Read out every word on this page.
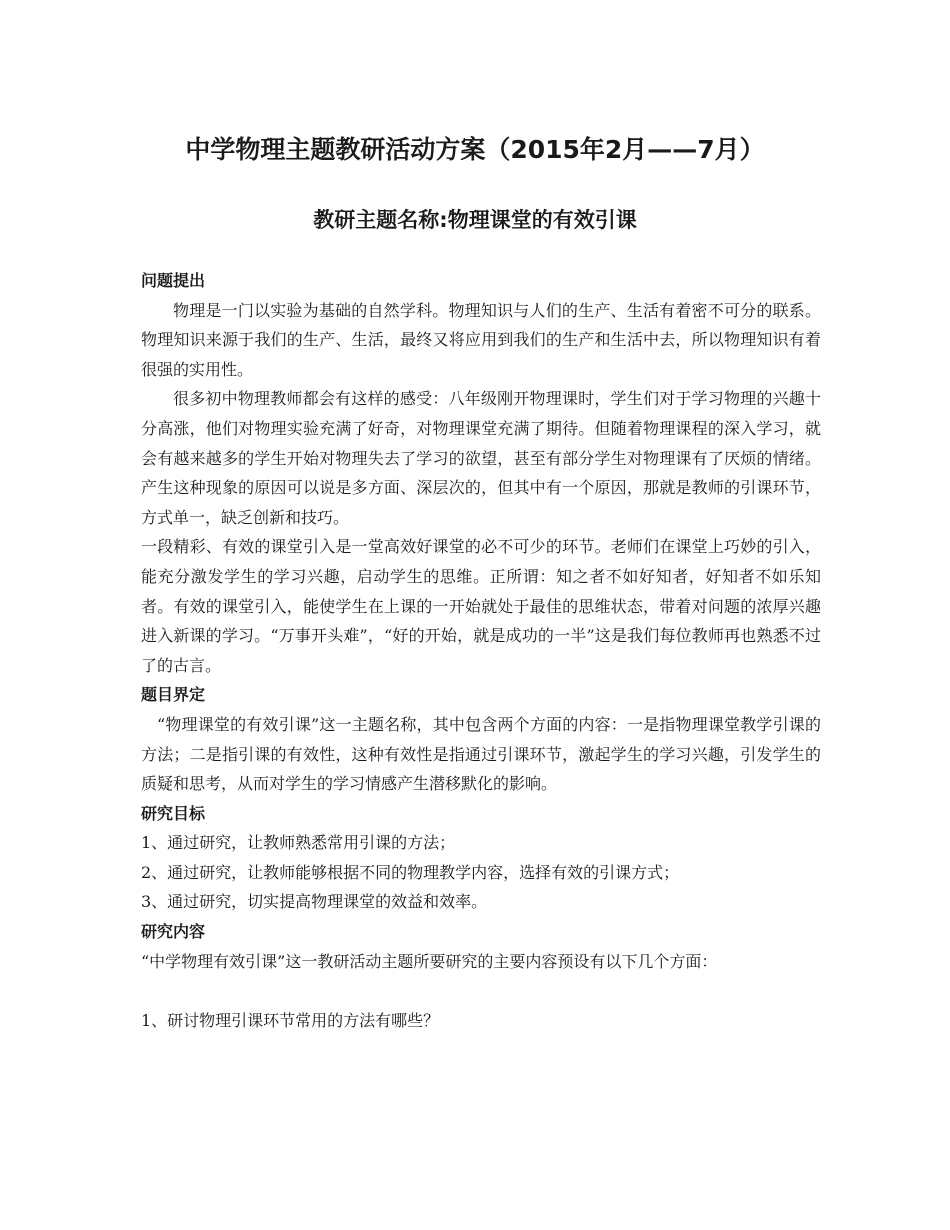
中学物理主题教研活动方案（2015年2月——7月）
教研主题名称:物理课堂的有效引课
问题提出

物理是一门以实验为基础的自然学科。物理知识与人们的生产、生活有着密不可分的联系。物理知识来源于我们的生产、生活，最终又将应用到我们的生产和生活中去，所以物理知识有着很强的实用性。

很多初中物理教师都会有这样的感受：八年级刚开物理课时，学生们对于学习物理的兴趣十分高涨，他们对物理实验充满了好奇，对物理课堂充满了期待。但随着物理课程的深入学习，就会有越来越多的学生开始对物理失去了学习的欲望，甚至有部分学生对物理课有了厌烦的情绪。产生这种现象的原因可以说是多方面、深层次的，但其中有一个原因，那就是教师的引课环节，方式单一，缺乏创新和技巧。

一段精彩、有效的课堂引入是一堂高效好课堂的必不可少的环节。老师们在课堂上巧妙的引入，能充分激发学生的学习兴趣，启动学生的思维。正所谓：知之者不如好知者，好知者不如乐知者。有效的课堂引入，能使学生在上课的一开始就处于最佳的思维状态，带着对问题的浓厚兴趣进入新课的学习。“万事开头难”，“好的开始，就是成功的一半”这是我们每位教师再也熟悉不过了的古言。

题目界定

“物理课堂的有效引课”这一主题名称，其中包含两个方面的内容：一是指物理课堂教学引课的方法；二是指引课的有效性，这种有效性是指通过引课环节，激起学生的学习兴趣，引发学生的质疑和思考，从而对学生的学习情感产生潜移默化的影响。

研究目标

1、通过研究，让教师熟悉常用引课的方法；

2、通过研究，让教师能够根据不同的物理教学内容，选择有效的引课方式；

3、通过研究，切实提高物理课堂的效益和效率。

研究内容

“中学物理有效引课”这一教研活动主题所要研究的主要内容预设有以下几个方面：

1、研讨物理引课环节常用的方法有哪些？
